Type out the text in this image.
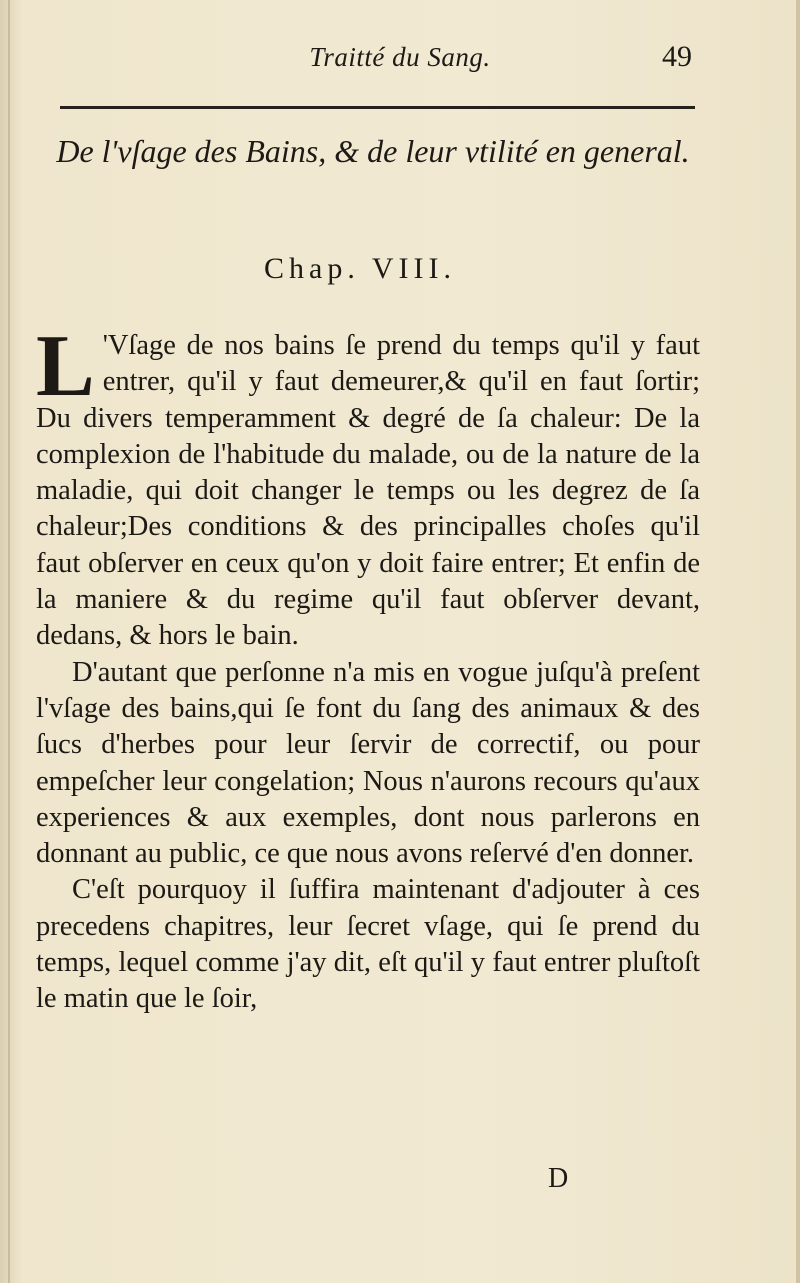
Traitté du Sang.	49
De l'vſage des Bains, & de leur vtilité en general.
Chap. VIII.

L 'Vſage de nos bains ſe prend du temps qu'il y faut entrer, qu'il y faut demeurer,& qu'il en faut ſortir; Du divers temperamment & degré de ſa chaleur: De la complexion de l'habitude du malade, ou de la nature de la maladie, qui doit changer le temps ou les degrez de ſa chaleur;Des conditions & des principalles choſes qu'il faut obſerver en ceux qu'on y doit faire entrer; Et enfin de la maniere & du regime qu'il faut obſerver devant, dedans, & hors le bain.

D'autant que perſonne n'a mis en vogue juſqu'à preſent l'vſage des bains,qui ſe font du ſang des animaux & des ſucs d'herbes pour leur ſervir de correctif, ou pour empeſcher leur congelation; Nous n'aurons recours qu'aux experiences & aux exemples, dont nous parlerons en donnant au public, ce que nous avons reſervé d'en donner.

C'eſt pourquoy il ſuffira maintenant d'adjouter à ces precedens chapitres, leur ſecret vſage, qui ſe prend du temps, lequel comme j'ay dit, eſt qu'il y faut entrer pluſtoſt le matin que le ſoir,

D
